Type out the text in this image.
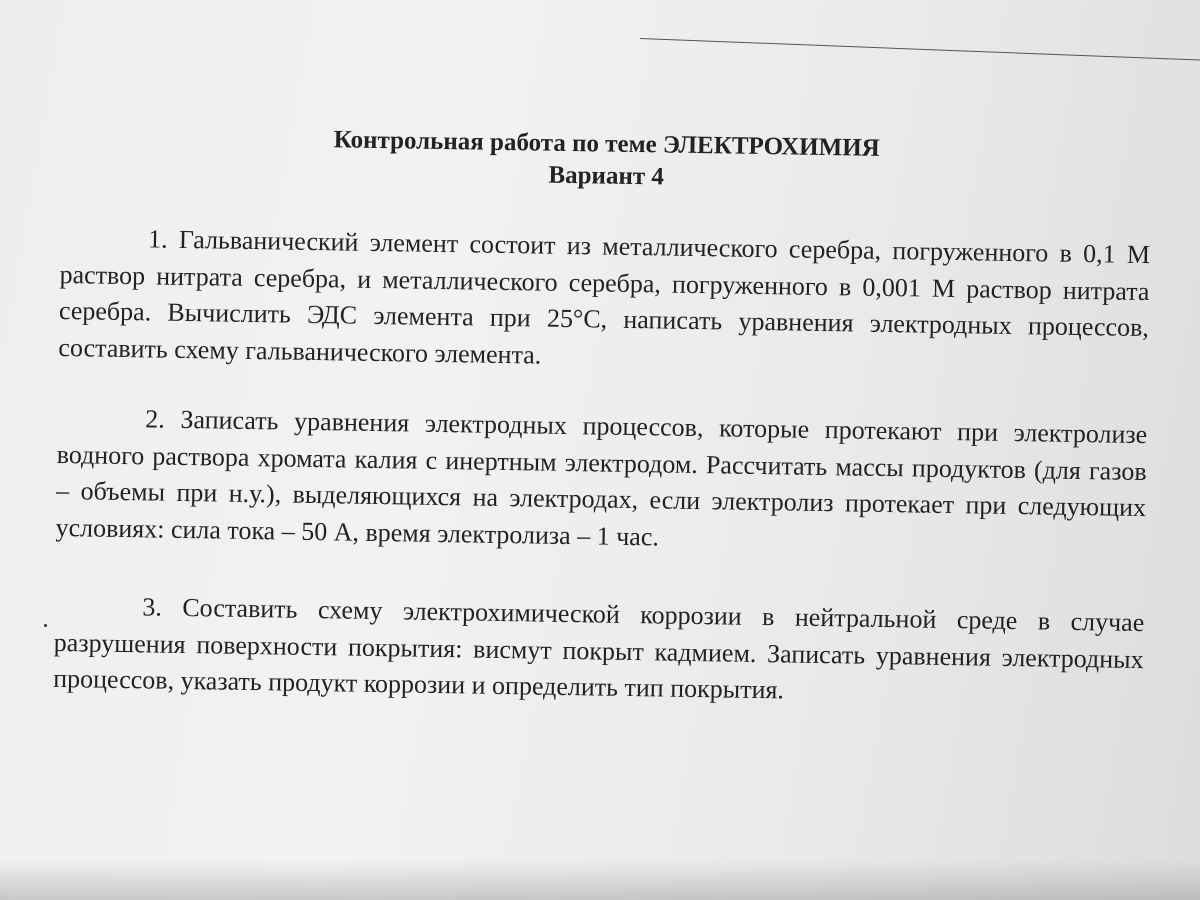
Контрольная работа по теме ЭЛЕКТРОХИМИЯ

Вариант 4

1. Гальванический элемент состоит из металлического серебра, погруженного в 0,1 М раствор нитрата серебра, и металлического серебра, погруженного в 0,001 М раствор нитрата серебра. Вычислить ЭДС элемента при 25°С, написать уравнения электродных процессов, составить схему гальванического элемента.

2. Записать уравнения электродных процессов, которые протекают при электролизе водного раствора хромата калия с инертным электродом. Рассчитать массы продуктов (для газов – объемы при н.у.), выделяющихся на электродах, если электролиз протекает при следующих условиях: сила тока – 50 А, время электролиза – 1 час.

3. Составить схему электрохимической коррозии в нейтральной среде в случае разрушения поверхности покрытия: висмут покрыт кадмием. Записать уравнения электродных процессов, указать продукт коррозии и определить тип покрытия.
